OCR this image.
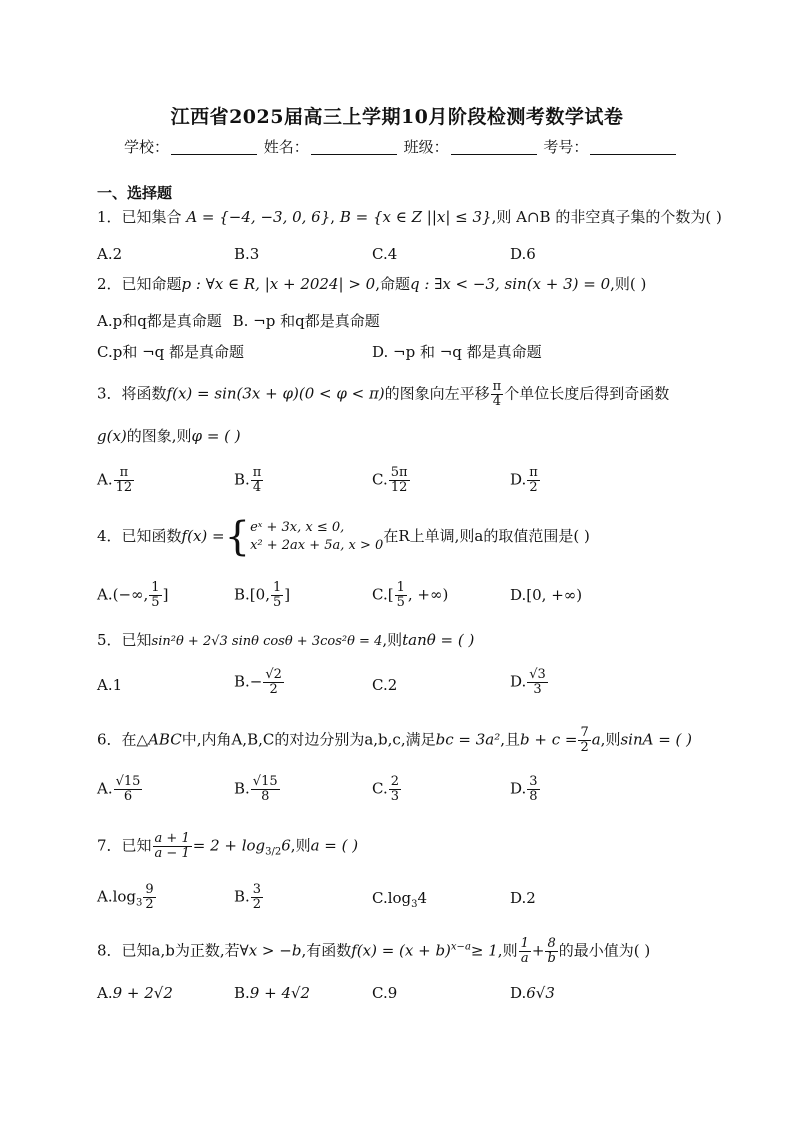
江西省2025届高三上学期10月阶段检测考数学试卷
学校：	姓名：	班级：	考号：
一、选择题
1．已知集合 A = {−4, −3, 0, 6}, B = {x ∈ Z ||x| ≤ 3},则 A∩B 的非空真子集的个数为( )
A.2	B.3	C.4	D.6
2．已知命题p : ∀x ∈ R, |x + 2024| > 0,命题q : ∃x < −3, sin(x + 3) = 0,则( )
A.p和q都是真命题 B. ¬p 和q都是真命题
C.p和 ¬q 都是真命题	D. ¬p 和 ¬q 都是真命题
3．将函数f(x) = sin(3x + φ)(0 < φ < π)的图象向左平移 $\frac{\pi}{4}$ 个单位长度后得到奇函数
g(x)的图象,则φ = ( )
A. $\frac{\pi}{12}$	B. $\frac{\pi}{4}$	C. $\frac{5\pi}{12}$	D. $\frac{\pi}{2}$
4．已知函数f(x) ={ eˣ + 3x, x ≤ 0,
x² + 2ax + 5a, x > 0
在R上单调,则a的取值范围是( )
A.(−∞, $\frac{1}{5}$ ]	B.[0, $\frac{1}{5}$ ]	$C.[ \frac{1}{5}$ , +∞)	D.[0, +∞)
5．已知sin²θ + 2√3 sinθ cosθ + 3cos²θ = 4,则tanθ = ( )
A.1	$B.- \frac{√2}{2}$	C.2	D. $\frac{√3}{3}$
6．在△ABC中,内角A,B,C的对边分别为a,b,c,满足bc = 3a²,且$b + c = \frac{7}{2} a$,则sinA = ( )
A. $\frac{√15}{6}$	B. $\frac{√15}{8}$	C. $\frac{2}{3}$	D. $\frac{3}{8}$
7．已知 $\frac{a + 1}{a - 1} = 2 + \log_{3/2}6$,则a = ( )
$A.\log_3 \frac{9}{2}$	B. $\frac{3}{2}$	$C.\log_34$	D.2
8．已知a,b为正数,若∀x > −b,有函数$f(x) = (x + b)^{x-a}\ge 1$,则 $\frac{1}{a} + \frac{8}{b}$ 的最小值为( )
A.9 + 2√2	B.9 + 4√2	C.9	D.6√3
